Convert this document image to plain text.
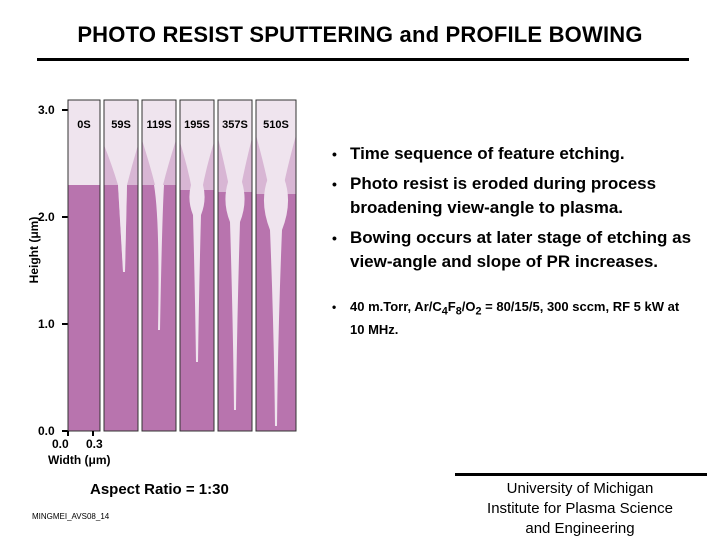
PHOTO RESIST SPUTTERING and PROFILE BOWING
Height (μm)
3.0
2.0
1.0
0.0
0S 59S 119S 195S 357S 510S
0.0 0.3
Width (μm)
• Time sequence of feature etching.
• Photo resist is eroded during process broadening view-angle to plasma.
• Bowing occurs at later stage of etching as view-angle and slope of PR increases.
• 40 m.Torr, $Ar/C_4F_8/O_2 = 80/15/5$, 300 sccm, RF 5 kW at 10 MHz.
Aspect Ratio = 1:30
MINGMEI_AVS08_14
University of Michigan
Institute for Plasma Science
and Engineering
